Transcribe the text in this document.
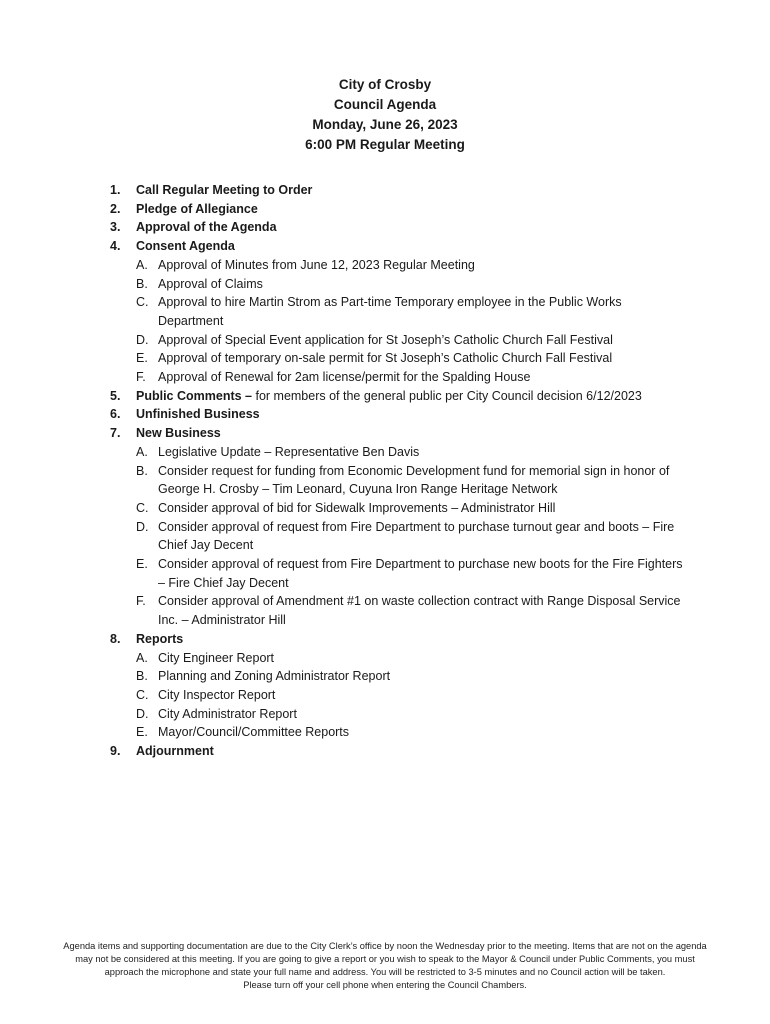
City of Crosby
Council Agenda
Monday, June 26, 2023
6:00 PM Regular Meeting
1.	Call Regular Meeting to Order
2.	Pledge of Allegiance
3.	Approval of the Agenda
4.	Consent Agenda
A. Approval of Minutes from June 12, 2023 Regular Meeting
B. Approval of Claims
C. Approval to hire Martin Strom as Part-time Temporary employee in the Public Works Department
D. Approval of Special Event application for St Joseph’s Catholic Church Fall Festival
E. Approval of temporary on-sale permit for St Joseph’s Catholic Church Fall Festival
F. Approval of Renewal for 2am license/permit for the Spalding House
5.	Public Comments – for members of the general public per City Council decision 6/12/2023
6.	Unfinished Business
7.	New Business
A. Legislative Update – Representative Ben Davis
B. Consider request for funding from Economic Development fund for memorial sign in honor of George H. Crosby – Tim Leonard, Cuyuna Iron Range Heritage Network
C. Consider approval of bid for Sidewalk Improvements – Administrator Hill
D. Consider approval of request from Fire Department to purchase turnout gear and boots – Fire Chief Jay Decent
E. Consider approval of request from Fire Department to purchase new boots for the Fire Fighters – Fire Chief Jay Decent
F. Consider approval of Amendment #1 on waste collection contract with Range Disposal Service Inc. – Administrator Hill
8.	Reports
A. City Engineer Report
B. Planning and Zoning Administrator Report
C. City Inspector Report
D. City Administrator Report
E. Mayor/Council/Committee Reports
9.	Adjournment
Agenda items and supporting documentation are due to the City Clerk’s office by noon the Wednesday prior to the meeting. Items that are not on the agenda may not be considered at this meeting. If you are going to give a report or you wish to speak to the Mayor & Council under Public Comments, you must approach the microphone and state your full name and address. You will be restricted to 3-5 minutes and no Council action will be taken.
Please turn off your cell phone when entering the Council Chambers.
